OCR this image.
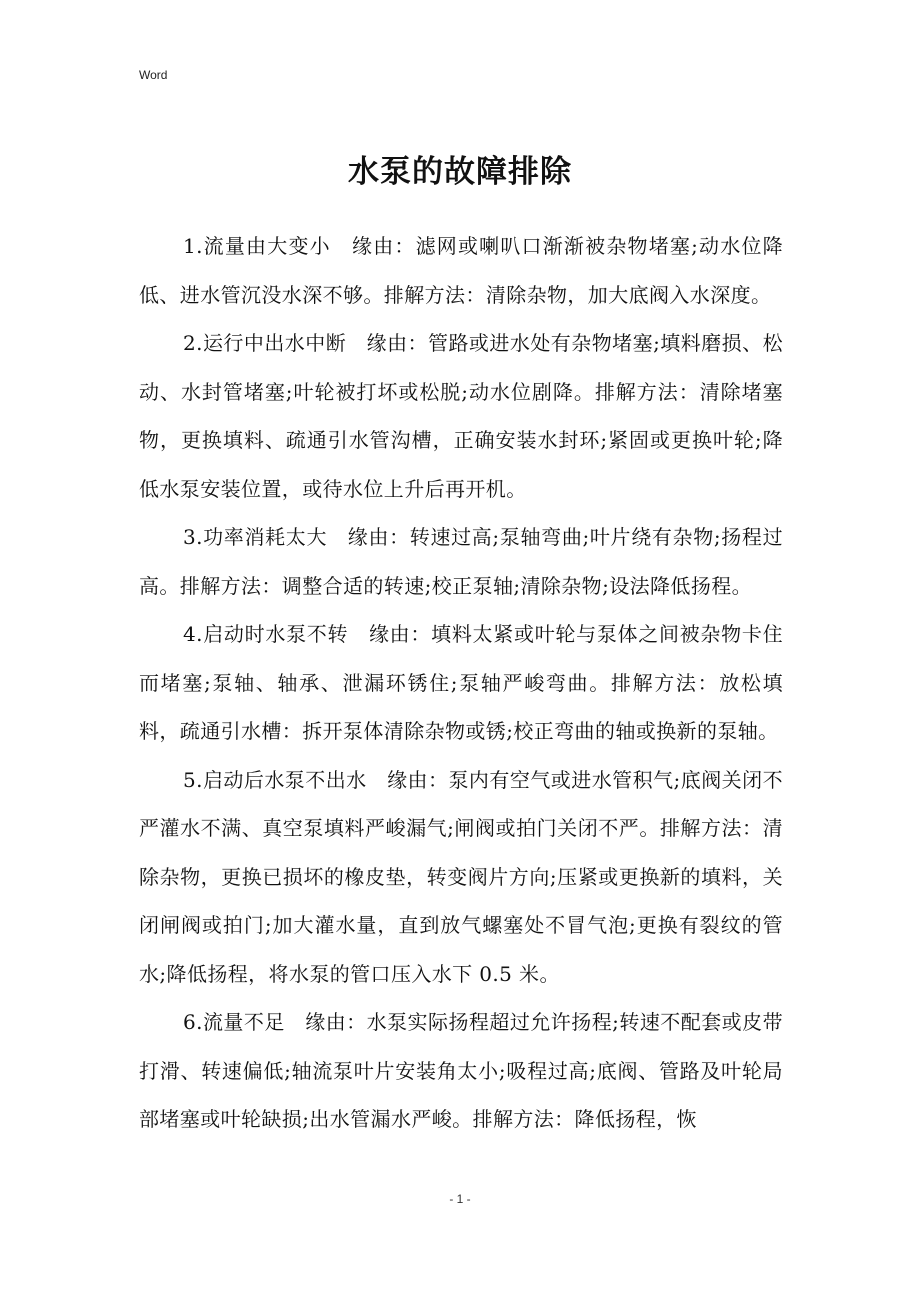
Word
水泵的故障排除

1.流量由大变小　缘由：滤网或喇叭口渐渐被杂物堵塞;动水位降低、进水管沉没水深不够。排解方法：清除杂物，加大底阀入水深度。

2.运行中出水中断　缘由：管路或进水处有杂物堵塞;填料磨损、松动、水封管堵塞;叶轮被打坏或松脱;动水位剧降。排解方法：清除堵塞物，更换填料、疏通引水管沟槽，正确安装水封环;紧固或更换叶轮;降低水泵安装位置，或待水位上升后再开机。

3.功率消耗太大　缘由：转速过高;泵轴弯曲;叶片绕有杂物;扬程过高。排解方法：调整合适的转速;校正泵轴;清除杂物;设法降低扬程。

4.启动时水泵不转　缘由：填料太紧或叶轮与泵体之间被杂物卡住而堵塞;泵轴、轴承、泄漏环锈住;泵轴严峻弯曲。排解方法：放松填料，疏通引水槽：拆开泵体清除杂物或锈;校正弯曲的轴或换新的泵轴。

5.启动后水泵不出水　缘由：泵内有空气或进水管积气;底阀关闭不严灌水不满、真空泵填料严峻漏气;闸阀或拍门关闭不严。排解方法：清除杂物，更换已损坏的橡皮垫，转变阀片方向;压紧或更换新的填料，关闭闸阀或拍门;加大灌水量，直到放气螺塞处不冒气泡;更换有裂纹的管水;降低扬程，将水泵的管口压入水下 0.5 米。

6.流量不足　缘由：水泵实际扬程超过允许扬程;转速不配套或皮带打滑、转速偏低;轴流泵叶片安装角太小;吸程过高;底阀、管路及叶轮局部堵塞或叶轮缺损;出水管漏水严峻。排解方法：降低扬程，恢

- 1 -
